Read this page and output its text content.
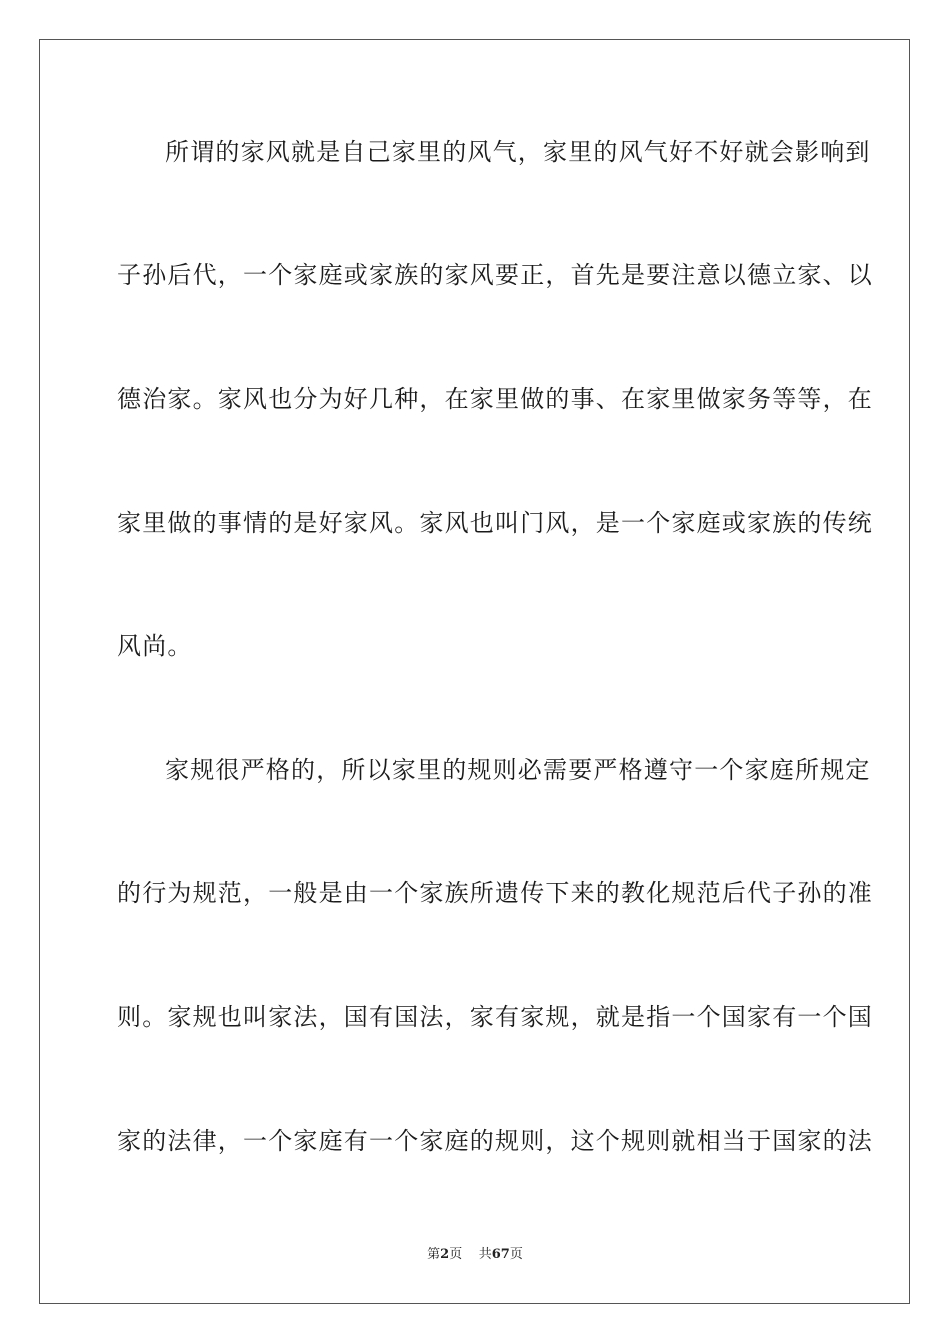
所谓的家风就是自己家里的风气，家里的风气好不好就会影响到
子孙后代，一个家庭或家族的家风要正，首先是要注意以德立家、以
德治家。家风也分为好几种，在家里做的事、在家里做家务等等，在
家里做的事情的是好家风。家风也叫门风，是一个家庭或家族的传统
风尚。
家规很严格的，所以家里的规则必需要严格遵守一个家庭所规定
的行为规范，一般是由一个家族所遗传下来的教化规范后代子孙的准
则。家规也叫家法，国有国法，家有家规，就是指一个国家有一个国
家的法律，一个家庭有一个家庭的规则，这个规则就相当于国家的法
第2页 共67页
